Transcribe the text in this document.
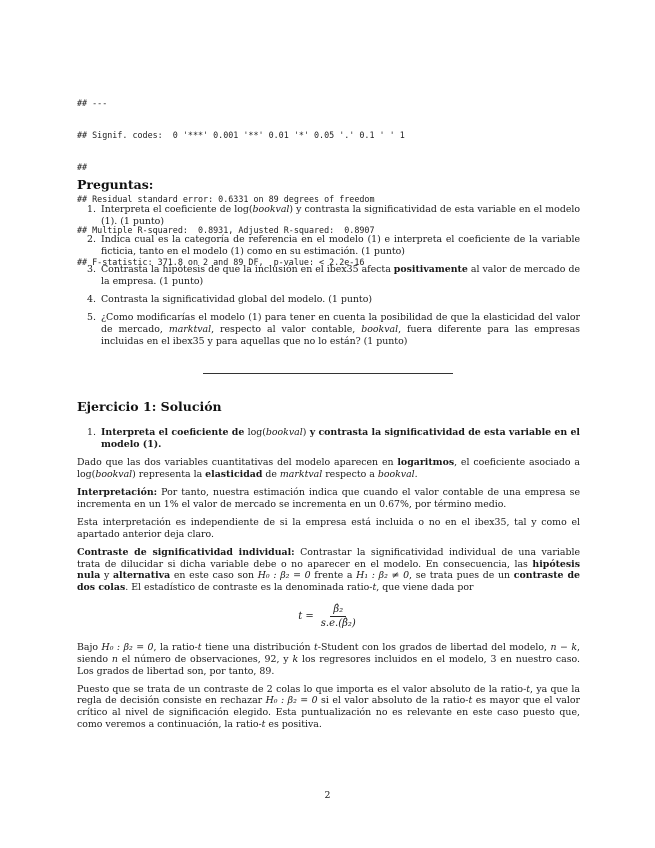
## ---

## Signif. codes:  0 '***' 0.001 '**' 0.01 '*' 0.05 '.' 0.1 ' ' 1

##

## Residual standard error: 0.6331 on 89 degrees of freedom

## Multiple R-squared:  0.8931, Adjusted R-squared:  0.8907

## F-statistic: 371.8 on 2 and 89 DF,  p-value: < 2.2e-16

Preguntas:
1. Interpreta el coeficiente de log(bookval) y contrasta la significatividad de esta variable en el modelo (1). (1 punto)
2. Indica cual es la categoría de referencia en el modelo (1) e interpreta el coeficiente de la variable ficticia, tanto en el modelo (1) como en su estimación. (1 punto)
3. Contrasta la hipótesis de que la inclusión en el ibex35 afecta positivamente al valor de mercado de la empresa. (1 punto)
4. Contrasta la significatividad global del modelo. (1 punto)
5. ¿Como modificarías el modelo (1) para tener en cuenta la posibilidad de que la elasticidad del valor de mercado, marktval, respecto al valor contable, bookval, fuera diferente para las empresas incluidas en el ibex35 y para aquellas que no lo están? (1 punto)
Ejercicio 1: Solución
1. Interpreta el coeficiente de log(bookval) y contrasta la significatividad de esta variable en el modelo (1).

Dado que las dos variables cuantitativas del modelo aparecen en logaritmos, el coeficiente asociado a log(bookval) representa la elasticidad de marktval respecto a bookval.

Interpretación: Por tanto, nuestra estimación indica que cuando el valor contable de una empresa se incrementa en un 1% el valor de mercado se incrementa en un 0.67%, por término medio.

Esta interpretación es independiente de si la empresa está incluida o no en el ibex35, tal y como el apartado anterior deja claro.

Contraste de significatividad individual: Contrastar la significatividad individual de una variable trata de dilucidar si dicha variable debe o no aparecer en el modelo. En consecuencia, las hipótesis nula y alternativa en este caso son H₀ : β₂ = 0 frente a H₁ : β₂ ≠ 0, se trata pues de un contraste de dos colas. El estadístico de contraste es la denominada ratio-t, que viene dada por

$t = \frac{\text{β̂₂}}{\text{s.e.(β̂₂)}}$

Bajo H₀ : β₂ = 0, la ratio-t tiene una distribución t-Student con los grados de libertad del modelo, n − k, siendo n el número de observaciones, 92, y k los regresores incluidos en el modelo, 3 en nuestro caso. Los grados de libertad son, por tanto, 89.

Puesto que se trata de un contraste de 2 colas lo que importa es el valor absoluto de la ratio-t, ya que la regla de decisión consiste en rechazar H₀ : β₂ = 0 si el valor absoluto de la ratio-t es mayor que el valor crítico al nivel de significación elegido. Esta puntualización no es relevante en este caso puesto que, como veremos a continuación, la ratio-t es positiva.

2
